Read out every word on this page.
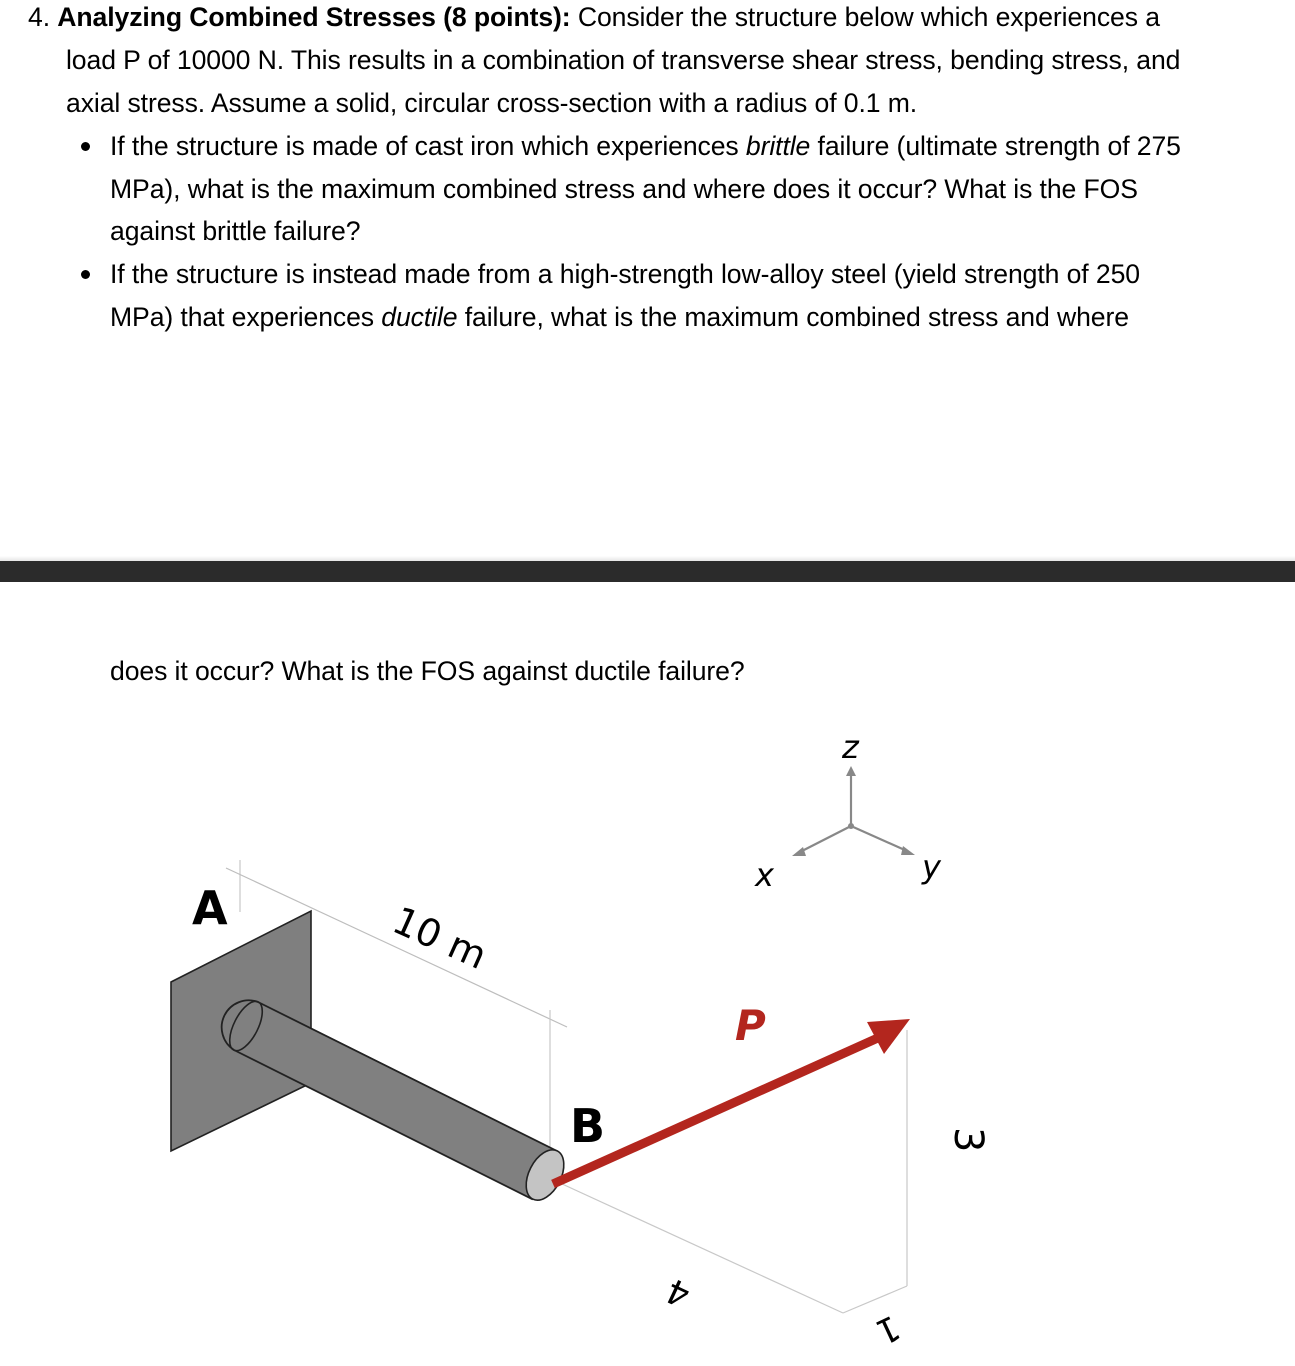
4. Analyzing Combined Stresses (8 points): Consider the structure below which experiences a
load P of 10000 N. This results in a combination of transverse shear stress, bending stress, and
axial stress. Assume a solid, circular cross-section with a radius of 0.1 m.
If the structure is made of cast iron which experiences brittle failure (ultimate strength of 275
MPa), what is the maximum combined stress and where does it occur? What is the FOS
against brittle failure?
If the structure is instead made from a high-strength low-alloy steel (yield strength of 250
MPa) that experiences ductile failure, what is the maximum combined stress and where
does it occur? What is the FOS against ductile failure?
A
B
10 m
P
x	y
z
4
1
3
